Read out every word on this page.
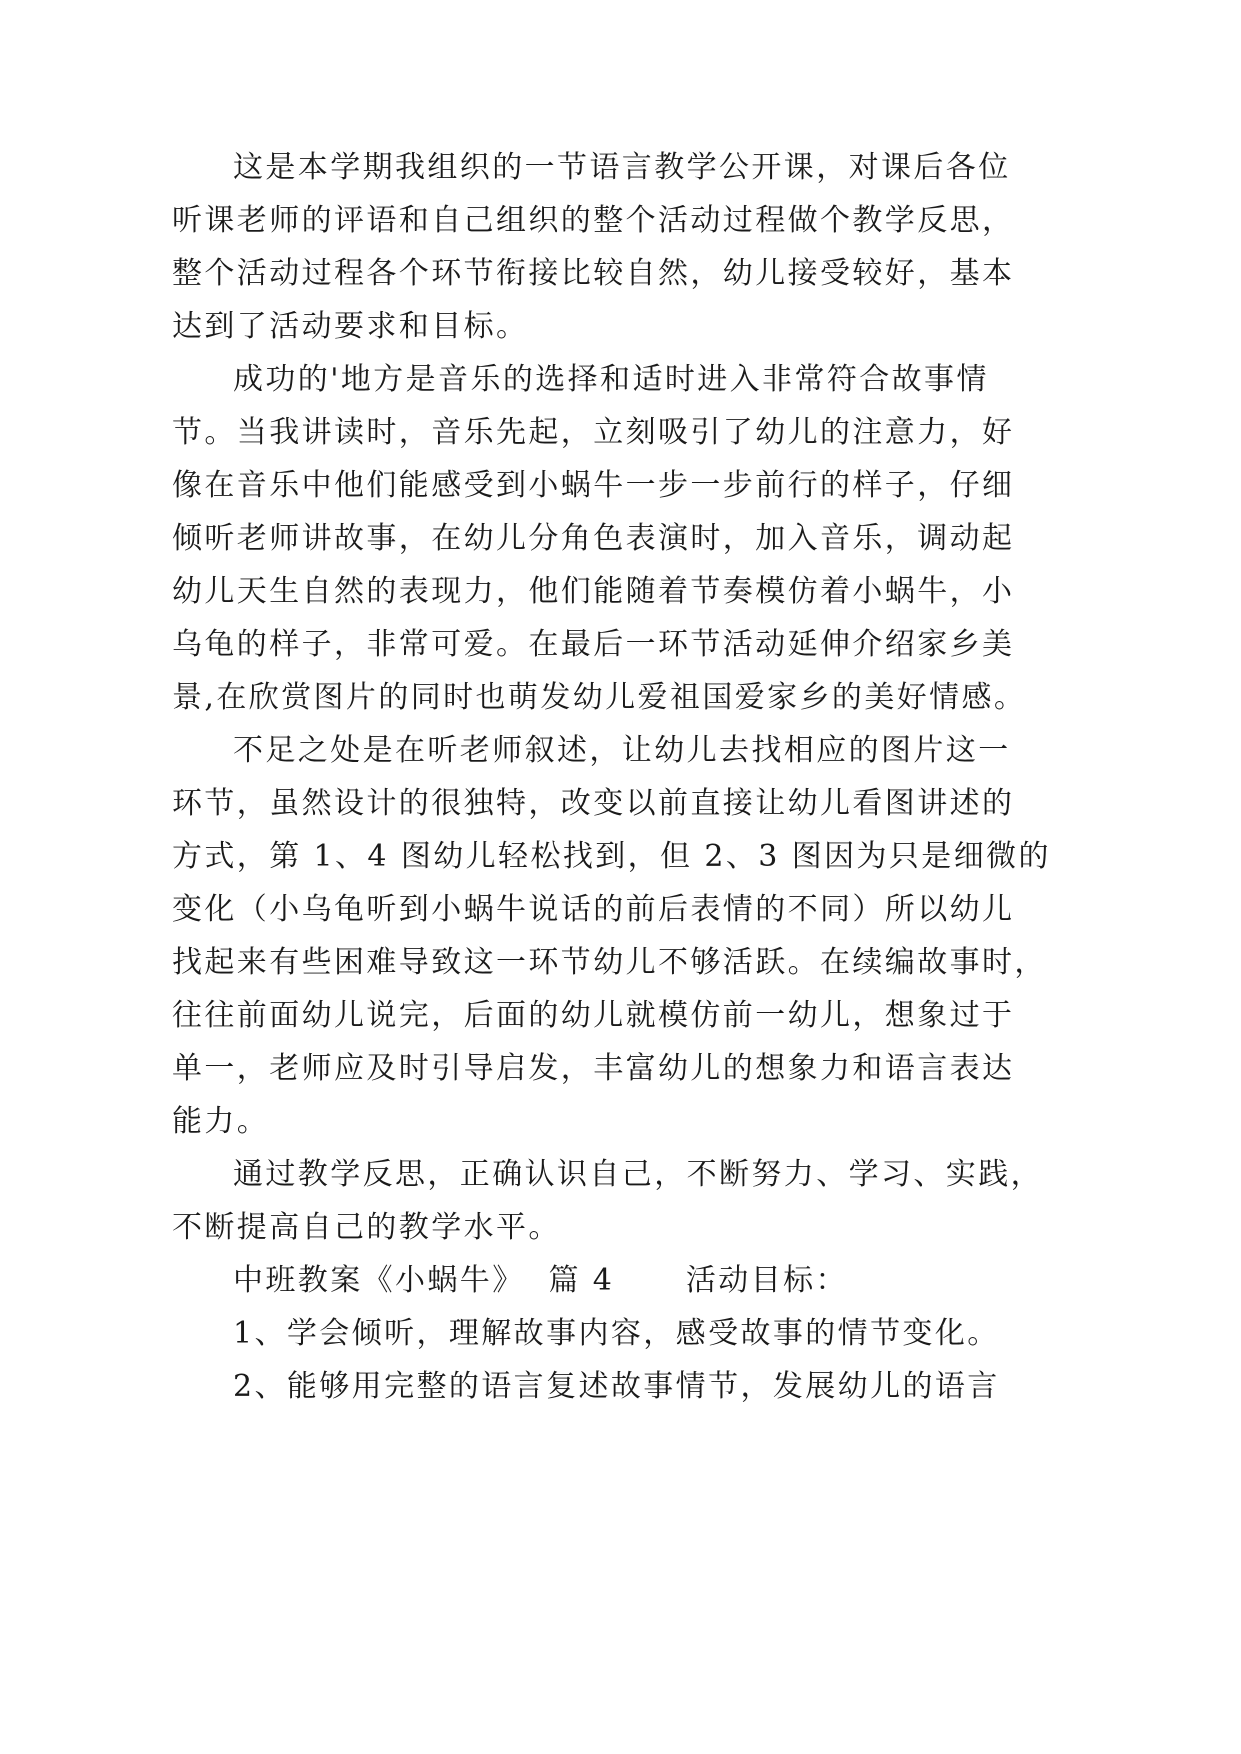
这是本学期我组织的一节语言教学公开课，对课后各位
听课老师的评语和自己组织的整个活动过程做个教学反思，
整个活动过程各个环节衔接比较自然，幼儿接受较好，基本
达到了活动要求和目标。
成功的'地方是音乐的选择和适时进入非常符合故事情
节。当我讲读时，音乐先起，立刻吸引了幼儿的注意力，好
像在音乐中他们能感受到小蜗牛一步一步前行的样子，仔细
倾听老师讲故事，在幼儿分角色表演时，加入音乐，调动起
幼儿天生自然的表现力，他们能随着节奏模仿着小蜗牛，小
乌龟的样子，非常可爱。在最后一环节活动延伸介绍家乡美
景,在欣赏图片的同时也萌发幼儿爱祖国爱家乡的美好情感。
不足之处是在听老师叙述，让幼儿去找相应的图片这一
环节，虽然设计的很独特，改变以前直接让幼儿看图讲述的
方式，第 1、4 图幼儿轻松找到，但 2、3 图因为只是细微的
变化（小乌龟听到小蜗牛说话的前后表情的不同）所以幼儿
找起来有些困难导致这一环节幼儿不够活跃。在续编故事时，
往往前面幼儿说完，后面的幼儿就模仿前一幼儿，想象过于
单一，老师应及时引导启发，丰富幼儿的想象力和语言表达
能力。
通过教学反思，正确认识自己，不断努力、学习、实践，
不断提高自己的教学水平。
中班教案《小蜗牛》  篇 4      活动目标：
1、学会倾听，理解故事内容，感受故事的情节变化。
2、能够用完整的语言复述故事情节，发展幼儿的语言
